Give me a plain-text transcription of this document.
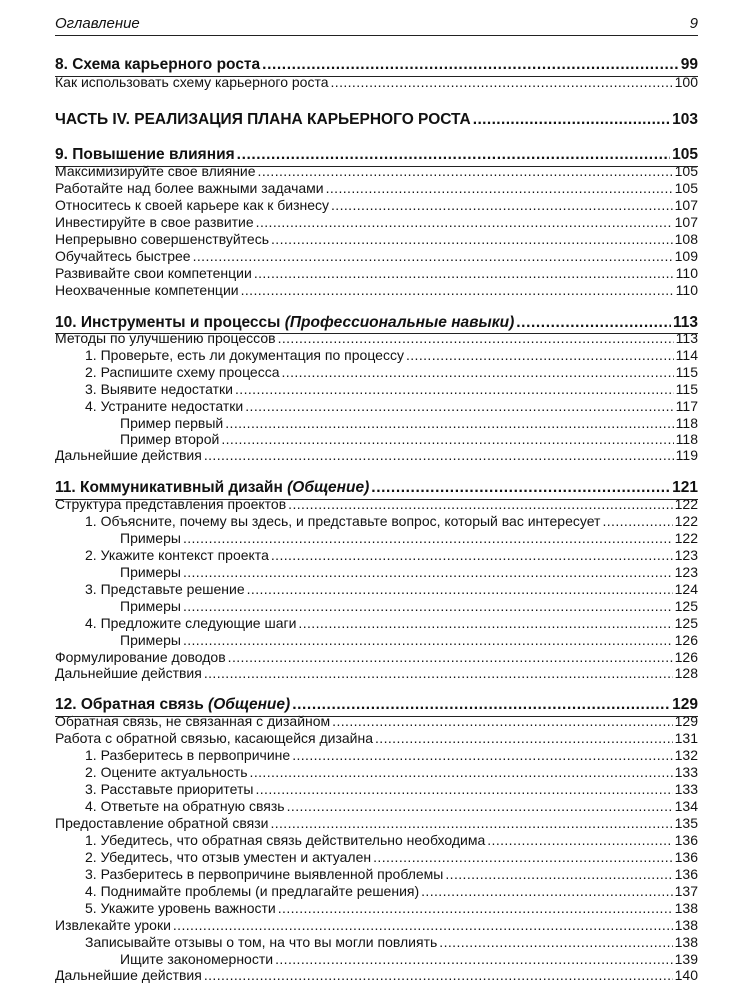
Оглавление	9
8. Схема карьерного роста .....	99
Как использовать схему карьерного роста .....	100
ЧАСТЬ IV. РЕАЛИЗАЦИЯ ПЛАНА КАРЬЕРНОГО РОСТА .....	103
9. Повышение влияния .....	105
Максимизируйте свое влияние .....	105
Работайте над более важными задачами .....	105
Относитесь к своей карьере как к бизнесу .....	107
Инвестируйте в свое развитие .....	107
Непрерывно совершенствуйтесь .....	108
Обучайтесь быстрее .....	109
Развивайте свои компетенции .....	110
Неохваченные компетенции .....	110
10. Инструменты и процессы (Профессиональные навыки) .....	113
Методы по улучшению процессов .....	113
1. Проверьте, есть ли документация по процессу .....	114
2. Распишите схему процесса .....	115
3. Выявите недостатки .....	115
4. Устраните недостатки .....	117
Пример первый .....	118
Пример второй .....	118
Дальнейшие действия .....	119
11. Коммуникативный дизайн (Общение) .....	121
Структура представления проектов .....	122
1. Объясните, почему вы здесь, и представьте вопрос, который вас интересует .....	122
Примеры .....	122
2. Укажите контекст проекта .....	123
Примеры .....	123
3. Представьте решение .....	124
Примеры .....	125
4. Предложите следующие шаги .....	125
Примеры .....	126
Формулирование доводов .....	126
Дальнейшие действия .....	128
12. Обратная связь (Общение) .....	129
Обратная связь, не связанная с дизайном .....	129
Работа с обратной связью, касающейся дизайна .....	131
1. Разберитесь в первопричине .....	132
2. Оцените актуальность .....	133
3. Расставьте приоритеты .....	133
4. Ответьте на обратную связь .....	134
Предоставление обратной связи .....	135
1. Убедитесь, что обратная связь действительно необходима .....	136
2. Убедитесь, что отзыв уместен и актуален .....	136
3. Разберитесь в первопричине выявленной проблемы .....	136
4. Поднимайте проблемы (и предлагайте решения) .....	137
5. Укажите уровень важности .....	138
Извлекайте уроки .....	138
Записывайте отзывы о том, на что вы могли повлиять .....	138
Ищите закономерности .....	139
Дальнейшие действия .....	140
